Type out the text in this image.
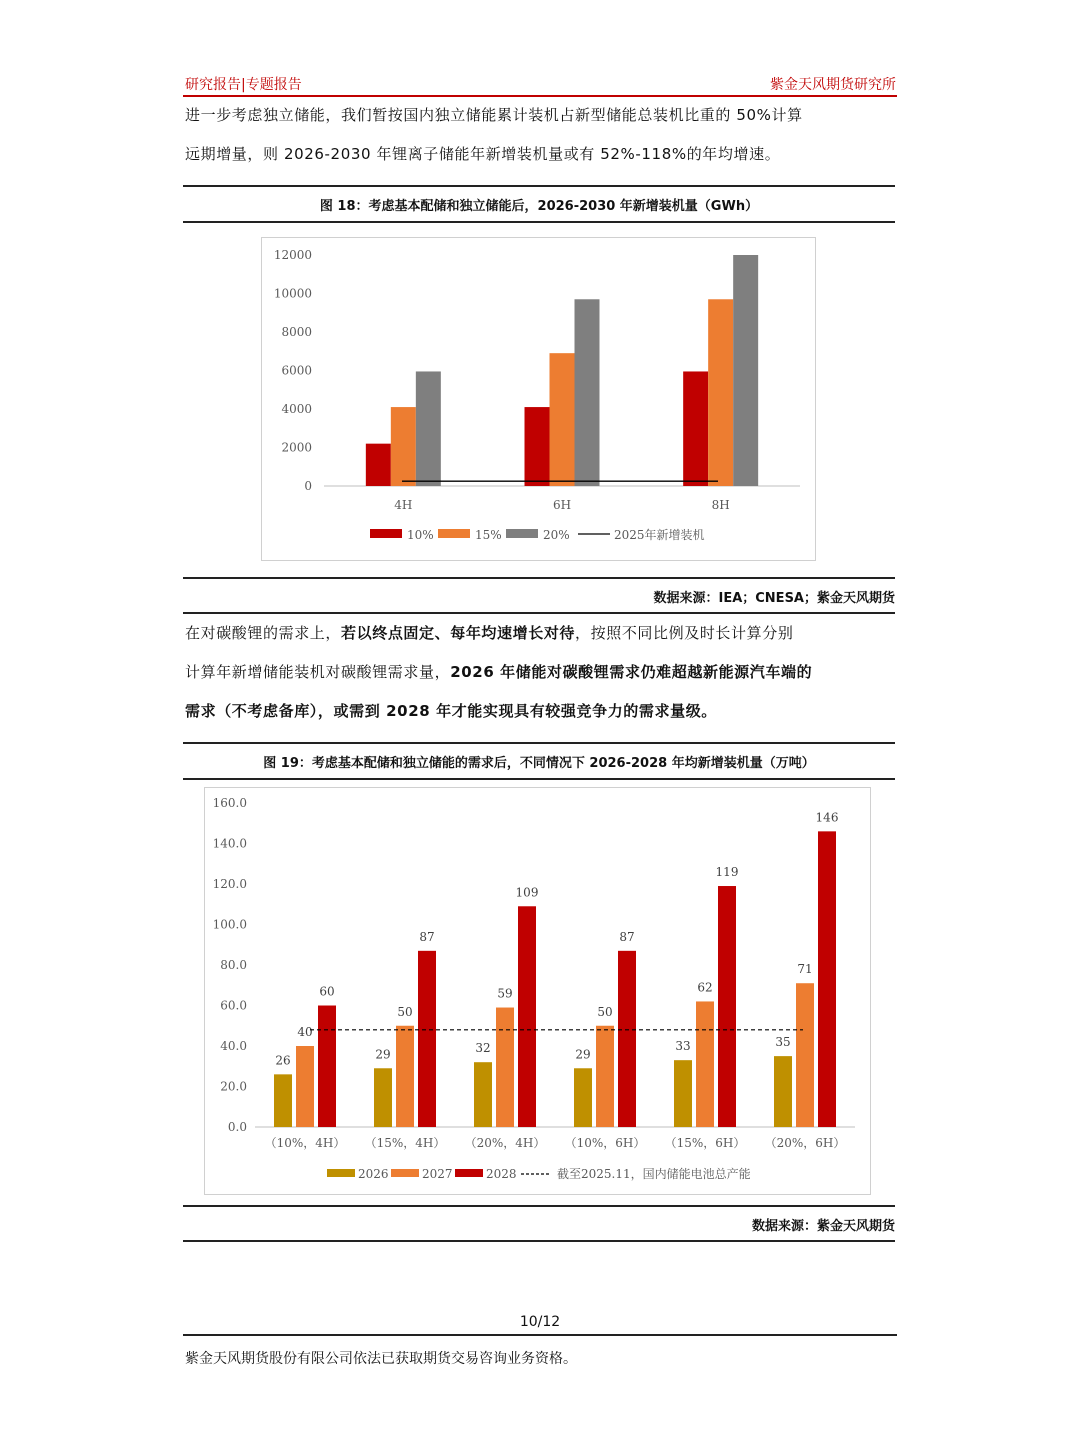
研究报告|专题报告	紫金天风期货研究所
进一步考虑独立储能，我们暂按国内独立储能累计装机占新型储能总装机比重的 50%计算
远期增量，则 2026-2030 年锂离子储能年新增装机量或有 52%-118%的年均增速。
图 18：考虑基本配储和独立储能后，2026-2030 年新增装机量（GWh）
0
2000
4000
6000
8000
10000
12000
4H	6H	8H
10%	15%	20%	2025年新增装机
数据来源：IEA；CNESA；紫金天风期货
在对碳酸锂的需求上，若以终点固定、每年均速增长对待，按照不同比例及时长计算分别
计算年新增储能装机对碳酸锂需求量，2026 年储能对碳酸锂需求仍难超越新能源汽车端的
需求（不考虑备库），或需到 2028 年才能实现具有较强竞争力的需求量级。
图 19：考虑基本配储和独立储能的需求后，不同情况下 2026-2028 年均新增装机量（万吨）
0.0
20.0
40.0
60.0
80.0
100.0
120.0
140.0
160.0
26
40
60
（10%，4H）
29
50
87
（15%，4H）
32
59
109
（20%，4H）
29
50
87
（10%，6H）
33
62
119
（15%，6H）
35
71
146
（20%，6H）
2026	2027	2028	截至2025.11，国内储能电池总产能
数据来源：紫金天风期货
10/12
紫金天风期货股份有限公司依法已获取期货交易咨询业务资格。
